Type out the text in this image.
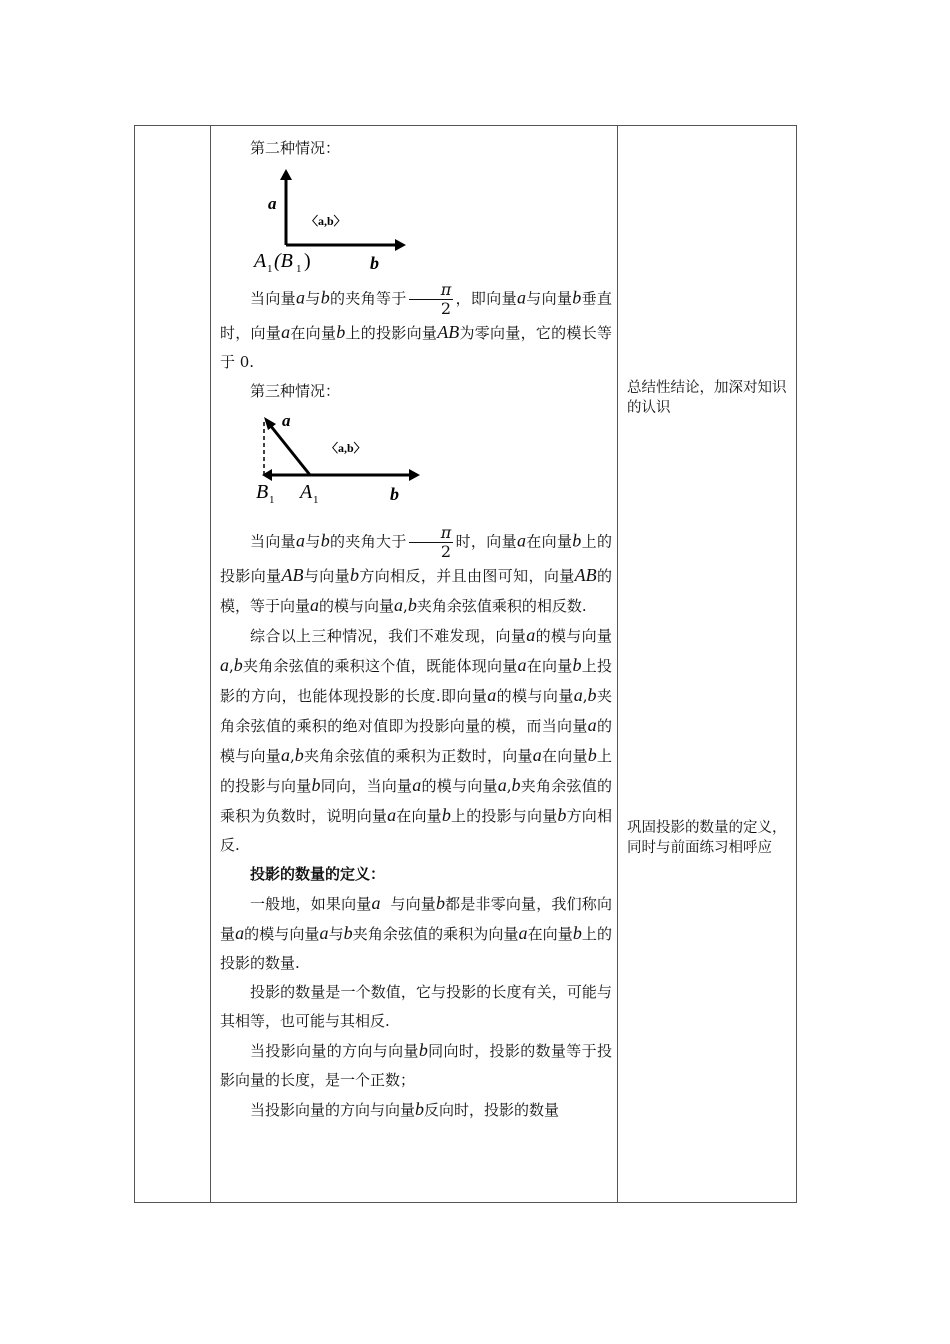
第二种情况：

a
〈a,b〉
A 1 (B 1 )	b

当向量a与b的夹角等于 $\frac{\pi}{2}$ ，即向量a与向量b垂直时，向量a在向量b上的投影向量AB为零向量，它的模长等于 0.

第三种情况：

a
〈a,b〉
B 1 A 1	b

当向量a与b的夹角大于 $\frac{\pi}{2}$ 时，向量a在向量b上的投影向量AB与向量b方向相反，并且由图可知，向量AB的模，等于向量a的模与向量a,b夹角余弦值乘积的相反数.

综合以上三种情况，我们不难发现，向量a的模与向量a,b夹角余弦值的乘积这个值，既能体现向量a在向量b上投影的方向，也能体现投影的长度.即向量a的模与向量a,b夹角余弦值的乘积的绝对值即为投影向量的模，而当向量a的模与向量a,b夹角余弦值的乘积为正数时，向量a在向量b上的投影与向量b同向，当向量a的模与向量a,b夹角余弦值的乘积为负数时，说明向量a在向量b上的投影与向量b方向相反.

投影的数量的定义：

一般地，如果向量a 与向量b都是非零向量，我们称向量a的模与向量a与b夹角余弦值的乘积为向量a在向量b上的投影的数量.

投影的数量是一个数值，它与投影的长度有关，可能与其相等，也可能与其相反.

当投影向量的方向与向量b同向时，投影的数量等于投影向量的长度，是一个正数；

当投影向量的方向与向量b反向时，投影的数量

总结性结论，加深对知识的认识
巩固投影的数量的定义，同时与前面练习相呼应
